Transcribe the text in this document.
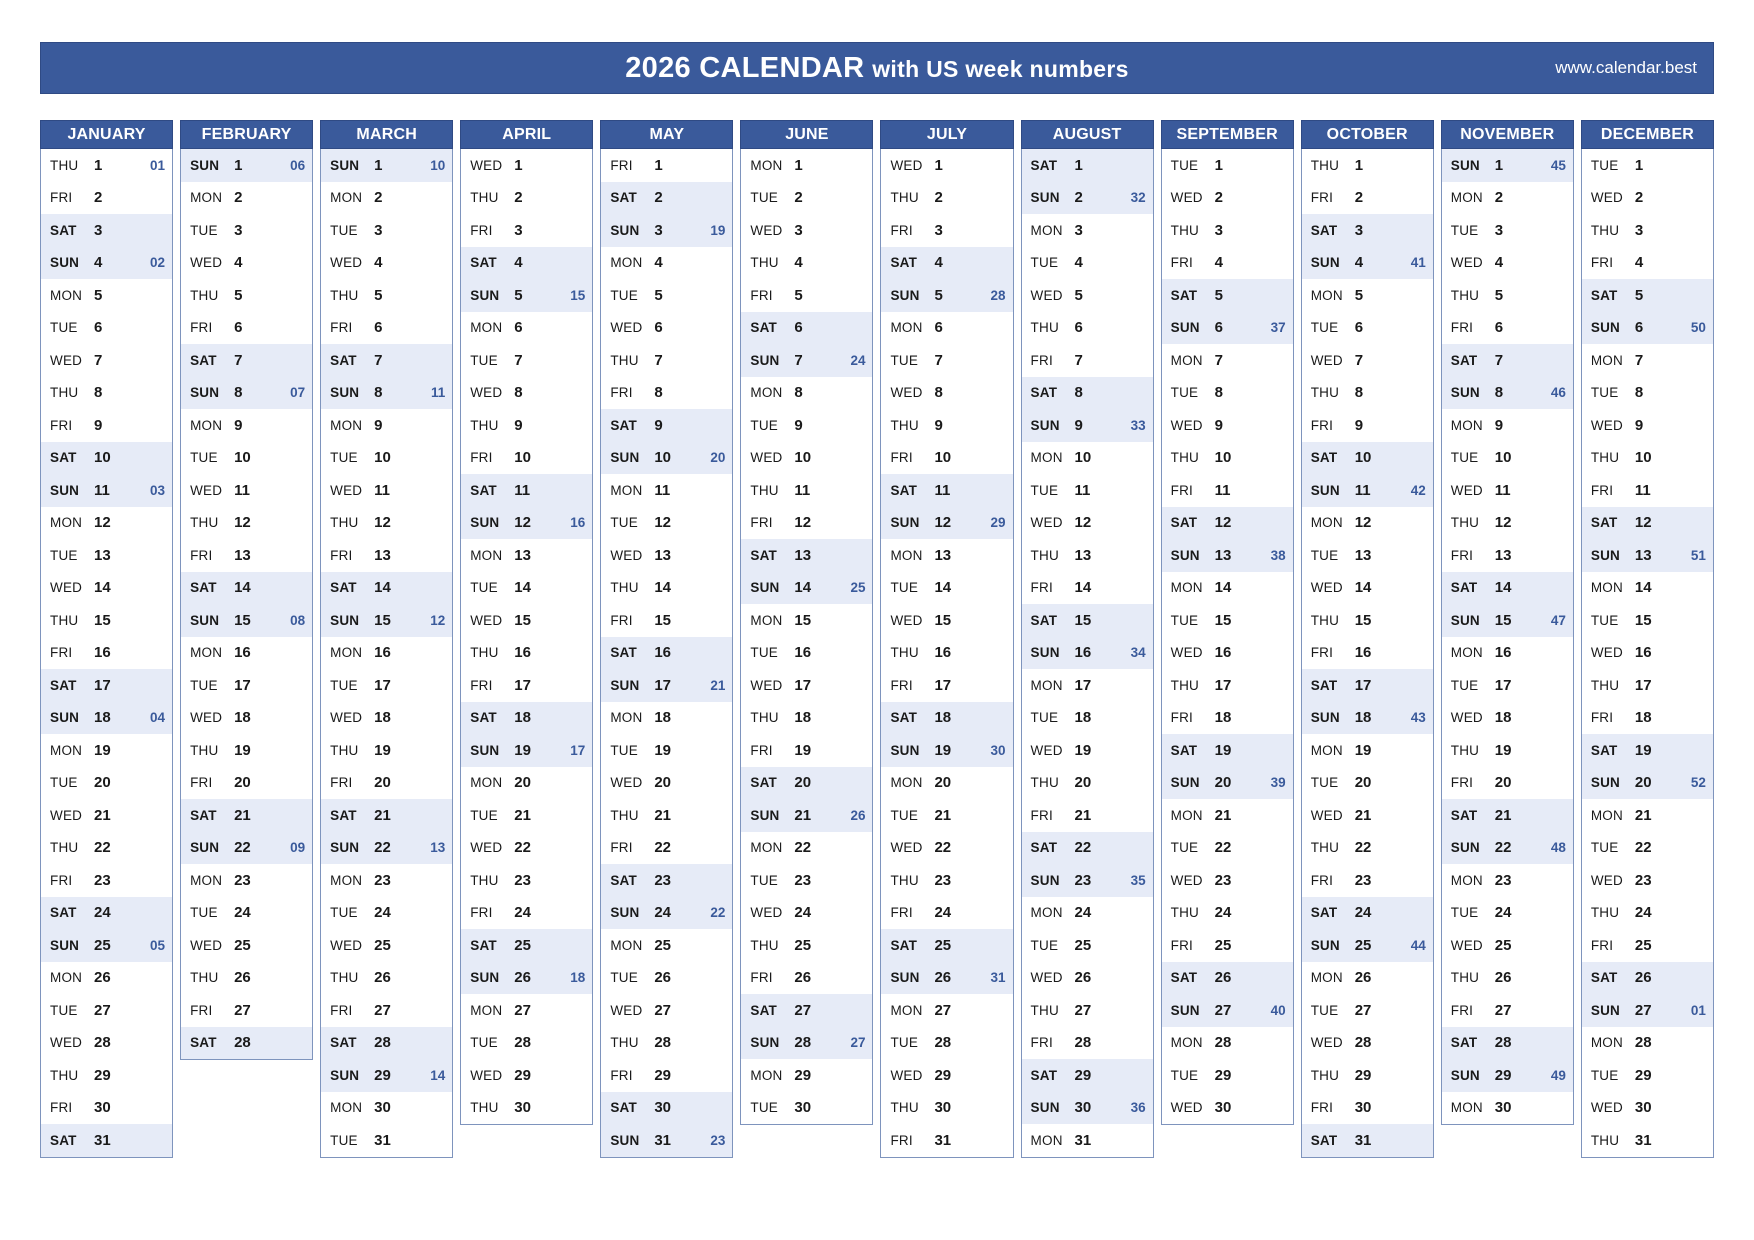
2026 CALENDAR with US week numbers	www.calendar.best
JANUARY
THU	1	01
FRI	2
SAT	3
SUN 4	02
MON 5
TUE	6
WED 7
THU	8
FRI	9
SAT	10
SUN 11	03
MON 12
TUE	13
WED 14
THU	15
FRI	16
SAT	17
SUN 18	04
MON 19
TUE	20
WED 21
THU	22
FRI	23
SAT	24
SUN 25	05
MON 26
TUE	27
WED 28
THU	29
FRI	30
SAT	31
FEBRUARY
SUN 1	06
MON 2
TUE	3
WED 4
THU	5
FRI	6
SAT	7
SUN 8	07
MON 9
TUE	10
WED 11
THU	12
FRI	13
SAT	14
SUN 15	08
MON 16
TUE	17
WED 18
THU	19
FRI	20
SAT	21
SUN 22	09
MON 23
TUE	24
WED 25
THU	26
FRI	27
SAT	28
MARCH
SUN 1	10
MON 2
TUE	3
WED 4
THU	5
FRI	6
SAT	7
SUN 8	11
MON 9
TUE	10
WED 11
THU	12
FRI	13
SAT	14
SUN 15	12
MON 16
TUE	17
WED 18
THU	19
FRI	20
SAT	21
SUN 22	13
MON 23
TUE	24
WED 25
THU	26
FRI	27
SAT	28
SUN 29	14
MON 30
TUE	31
APRIL
WED 1
THU	2
FRI	3
SAT	4
SUN 5	15
MON 6
TUE	7
WED 8
THU	9
FRI	10
SAT	11
SUN 12	16
MON 13
TUE	14
WED 15
THU	16
FRI	17
SAT	18
SUN 19	17
MON 20
TUE	21
WED 22
THU	23
FRI	24
SAT	25
SUN 26	18
MON 27
TUE	28
WED 29
THU	30
MAY
FRI	1
SAT	2
SUN 3	19
MON 4
TUE	5
WED 6
THU	7
FRI	8
SAT	9
SUN 10	20
MON 11
TUE	12
WED 13
THU	14
FRI	15
SAT	16
SUN 17	21
MON 18
TUE	19
WED 20
THU	21
FRI	22
SAT	23
SUN 24	22
MON 25
TUE	26
WED 27
THU	28
FRI	29
SAT	30
SUN 31	23
JUNE
MON 1
TUE	2
WED 3
THU	4
FRI	5
SAT	6
SUN 7	24
MON 8
TUE	9
WED 10
THU	11
FRI	12
SAT	13
SUN 14	25
MON 15
TUE	16
WED 17
THU	18
FRI	19
SAT	20
SUN 21	26
MON 22
TUE	23
WED 24
THU	25
FRI	26
SAT	27
SUN 28	27
MON 29
TUE	30
JULY
WED 1
THU	2
FRI	3
SAT	4
SUN 5	28
MON 6
TUE	7
WED 8
THU	9
FRI	10
SAT	11
SUN 12	29
MON 13
TUE	14
WED 15
THU	16
FRI	17
SAT	18
SUN 19	30
MON 20
TUE	21
WED 22
THU	23
FRI	24
SAT	25
SUN 26	31
MON 27
TUE	28
WED 29
THU	30
FRI	31
AUGUST
SAT	1
SUN 2	32
MON 3
TUE	4
WED 5
THU	6
FRI	7
SAT	8
SUN 9	33
MON 10
TUE	11
WED 12
THU	13
FRI	14
SAT	15
SUN 16	34
MON 17
TUE	18
WED 19
THU	20
FRI	21
SAT	22
SUN 23	35
MON 24
TUE	25
WED 26
THU	27
FRI	28
SAT	29
SUN 30	36
MON 31
SEPTEMBER
TUE	1
WED 2
THU	3
FRI	4
SAT	5
SUN 6	37
MON 7
TUE	8
WED 9
THU	10
FRI	11
SAT	12
SUN 13	38
MON 14
TUE	15
WED 16
THU	17
FRI	18
SAT	19
SUN 20	39
MON 21
TUE	22
WED 23
THU	24
FRI	25
SAT	26
SUN 27	40
MON 28
TUE	29
WED 30
OCTOBER
THU	1
FRI	2
SAT	3
SUN 4	41
MON 5
TUE	6
WED 7
THU	8
FRI	9
SAT	10
SUN 11	42
MON 12
TUE	13
WED 14
THU	15
FRI	16
SAT	17
SUN 18	43
MON 19
TUE	20
WED 21
THU	22
FRI	23
SAT	24
SUN 25	44
MON 26
TUE	27
WED 28
THU	29
FRI	30
SAT	31
NOVEMBER
SUN 1	45
MON 2
TUE	3
WED 4
THU	5
FRI	6
SAT	7
SUN 8	46
MON 9
TUE	10
WED 11
THU	12
FRI	13
SAT	14
SUN 15	47
MON 16
TUE	17
WED 18
THU	19
FRI	20
SAT	21
SUN 22	48
MON 23
TUE	24
WED 25
THU	26
FRI	27
SAT	28
SUN 29	49
MON 30
DECEMBER
TUE	1
WED 2
THU	3
FRI	4
SAT	5
SUN 6	50
MON 7
TUE	8
WED 9
THU	10
FRI	11
SAT	12
SUN 13	51
MON 14
TUE	15
WED 16
THU	17
FRI	18
SAT	19
SUN 20	52
MON 21
TUE	22
WED 23
THU	24
FRI	25
SAT	26
SUN 27	01
MON 28
TUE	29
WED 30
THU	31
